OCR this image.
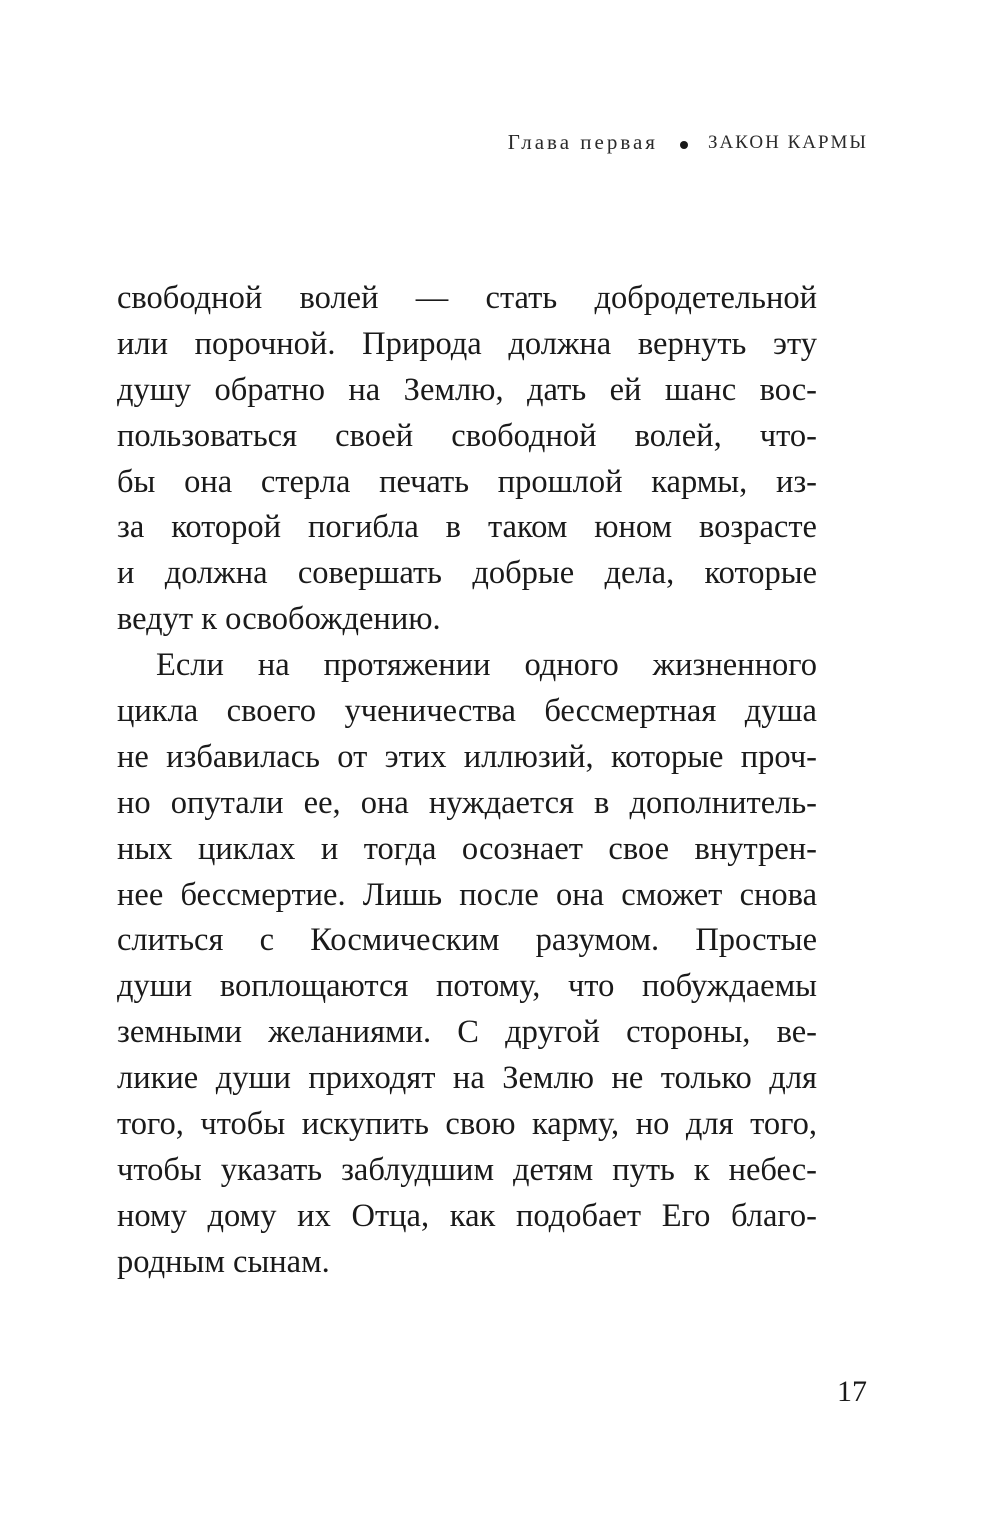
Глава первая	ЗАКОН КАРМЫ

свободной волей — стать добродетельной
или порочной. Природа должна вернуть эту
душу обратно на Землю, дать ей шанс вос-
пользоваться своей свободной волей, что-
бы она стерла печать прошлой кармы, из-
за которой погибла в таком юном возрасте
и должна совершать добрые дела, которые
ведут к освобождению.

Если на протяжении одного жизненного
цикла своего ученичества бессмертная душа
не избавилась от этих иллюзий, которые проч-
но опутали ее, она нуждается в дополнитель-
ных циклах и тогда осознает свое внутрен-
нее бессмертие. Лишь после она сможет снова
слиться с Космическим разумом. Простые
души воплощаются потому, что побуждаемы
земными желаниями. С другой стороны, ве-
ликие души приходят на Землю не только для
того, чтобы искупить свою карму, но для того,
чтобы указать заблудшим детям путь к небес-
ному дому их Отца, как подобает Его благо-
родным сынам.

17
